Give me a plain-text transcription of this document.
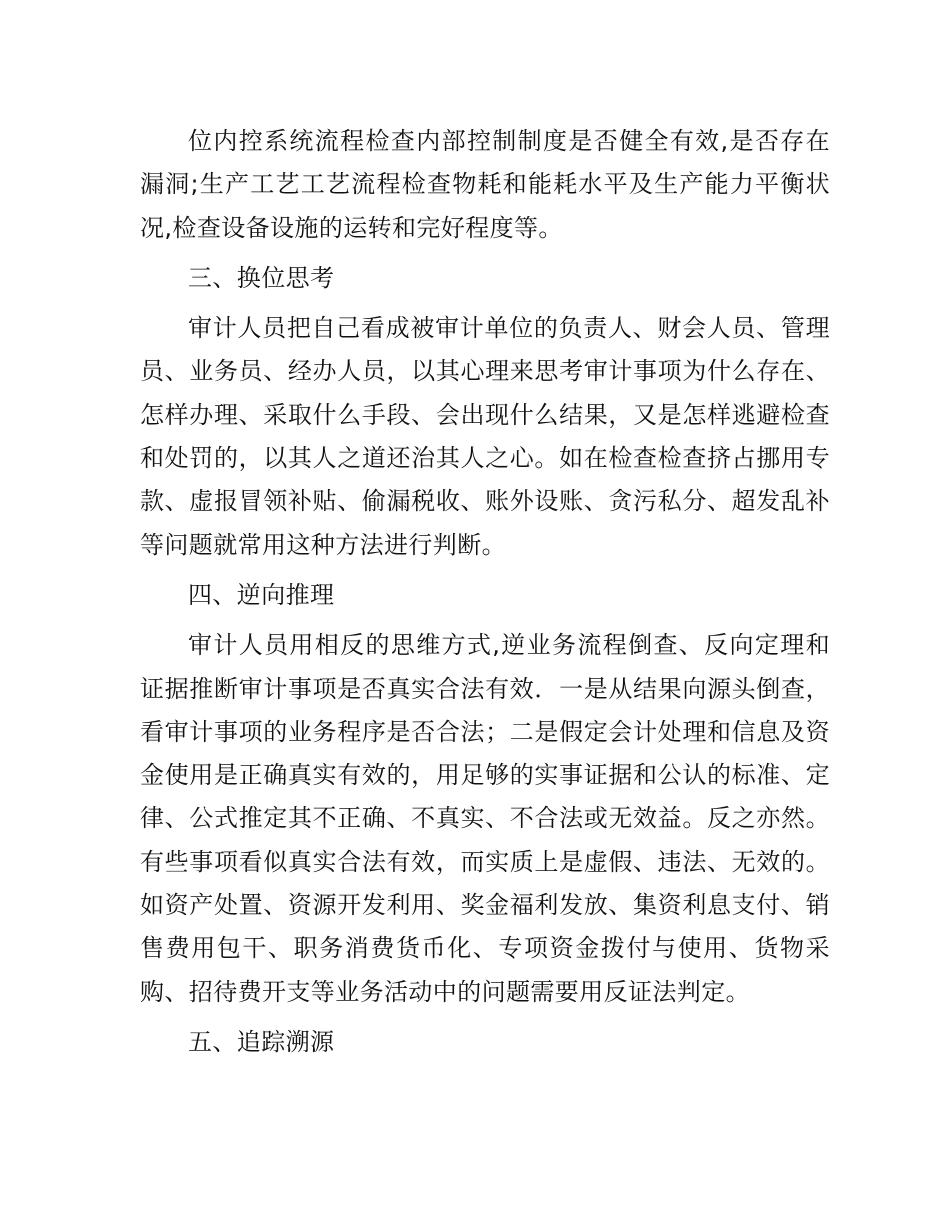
位内控系统流程检查内部控制制度是否健全有效,是否存在漏洞;生产工艺工艺流程检查物耗和能耗水平及生产能力平衡状况,检查设备设施的运转和完好程度等。

三、换位思考

审计人员把自己看成被审计单位的负责人、财会人员、管理员、业务员、经办人员，以其心理来思考审计事项为什么存在、怎样办理、采取什么手段、会出现什么结果，又是怎样逃避检查和处罚的，以其人之道还治其人之心。如在检查检查挤占挪用专款、虚报冒领补贴、偷漏税收、账外设账、贪污私分、超发乱补等问题就常用这种方法进行判断。

四、逆向推理

审计人员用相反的思维方式,逆业务流程倒查、反向定理和证据推断审计事项是否真实合法有效．一是从结果向源头倒查，看审计事项的业务程序是否合法；二是假定会计处理和信息及资金使用是正确真实有效的，用足够的实事证据和公认的标准、定律、公式推定其不正确、不真实、不合法或无效益。反之亦然。有些事项看似真实合法有效，而实质上是虚假、违法、无效的。如资产处置、资源开发利用、奖金福利发放、集资利息支付、销售费用包干、职务消费货币化、专项资金拨付与使用、货物采购、招待费开支等业务活动中的问题需要用反证法判定。

五、追踪溯源
